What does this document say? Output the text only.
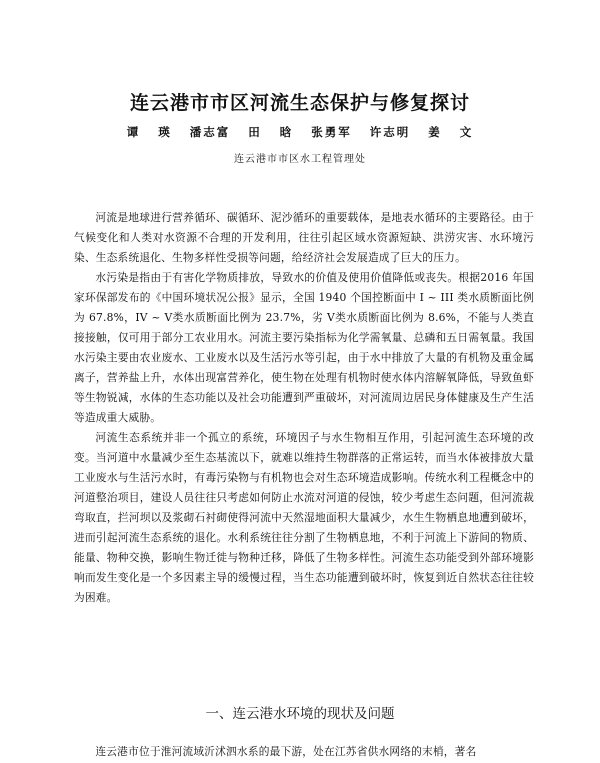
连云港市市区河流生态保护与修复探讨
谭 瑛 潘志富 田 晗 张勇军 许志明 姜 文
连云港市市区水工程管理处

河流是地球进行营养循环、碳循环、泥沙循环的重要载体，是地表水循环的主要路径。由于气候变化和人类对水资源不合理的开发利用，往往引起区域水资源短缺、洪涝灾害、水环境污染、生态系统退化、生物多样性受损等问题，给经济社会发展造成了巨大的压力。

水污染是指由于有害化学物质排放，导致水的价值及使用价值降低或丧失。根据2016 年国家环保部发布的《中国环境状况公报》显示，全国 1940 个国控断面中 I ~ III 类水质断面比例为 67.8%，IV ~ V类水质断面比例为 23.7%，劣 V类水质断面比例为 8.6%，不能与人类直接接触，仅可用于部分工农业用水。河流主要污染指标为化学需氧量、总磷和五日需氧量。我国水污染主要由农业废水、工业废水以及生活污水等引起，由于水中排放了大量的有机物及重金属离子，营养盐上升，水体出现富营养化，使生物在处理有机物时使水体内溶解氧降低，导致鱼虾等生物锐减，水体的生态功能以及社会功能遭到严重破坏，对河流周边居民身体健康及生产生活等造成重大威胁。

河流生态系统并非一个孤立的系统，环境因子与水生物相互作用，引起河流生态环境的改变。当河道中水量减少至生态基流以下，就难以维持生物群落的正常运转，而当水体被排放大量工业废水与生活污水时，有毒污染物与有机物也会对生态环境造成影响。传统水利工程概念中的河道整治项目，建设人员往往只考虑如何防止水流对河道的侵蚀，较少考虑生态问题，但河流裁弯取直，拦河坝以及浆砌石衬砌使得河流中天然湿地面积大量减少，水生生物栖息地遭到破坏，进而引起河流生态系统的退化。水利系统往往分割了生物栖息地，不利于河流上下游间的物质、能量、物种交换，影响生物迁徙与物种迁移，降低了生物多样性。河流生态功能受到外部环境影响而发生变化是一个多因素主导的缓慢过程，当生态功能遭到破坏时，恢复到近自然状态往往较为困难。

一、连云港水环境的现状及问题

连云港市位于淮河流域沂沭泗水系的最下游，处在江苏省供水网络的末梢，著名
